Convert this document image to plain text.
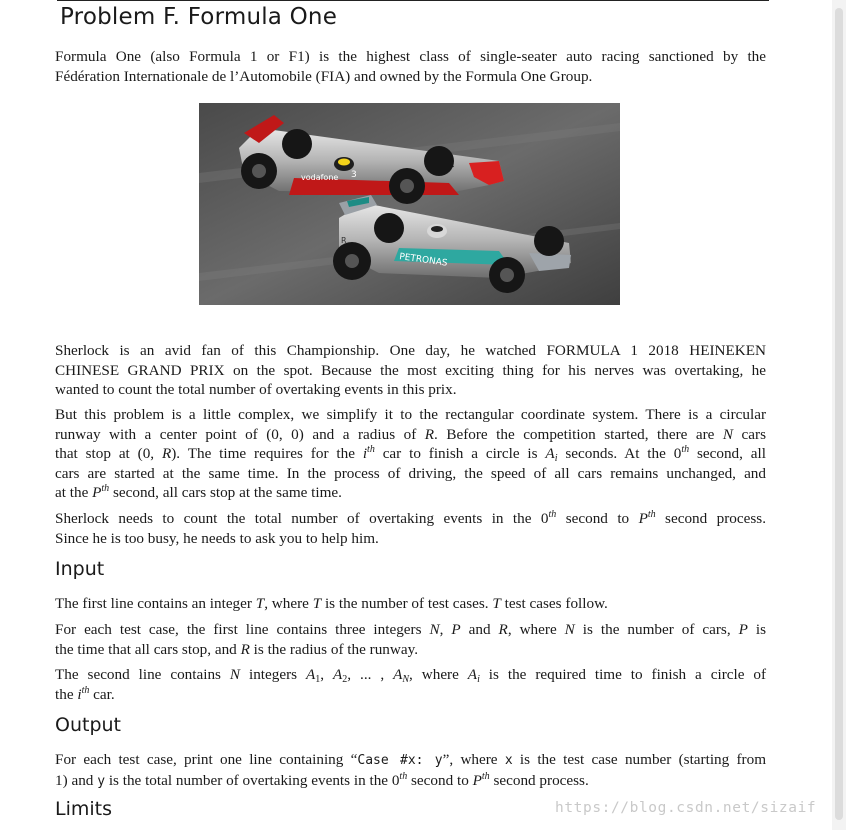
Problem F. Formula One

Formula One (also Formula 1 or F1) is the highest class of single-seater auto racing sanctioned by the
Fédération Internationale de l’Automobile (FIA) and owned by the Formula One Group.

vodafone 3
PETRONAS
R

Sherlock is an avid fan of this Championship. One day, he watched FORMULA 1 2018 HEINEKEN
CHINESE GRAND PRIX on the spot. Because the most exciting thing for his nerves was overtaking, he
wanted to count the total number of overtaking events in this prix.

But this problem is a little complex, we simplify it to the rectangular coordinate system. There is a circular
runway with a center point of (0, 0) and a radius of R. Before the competition started, there are N cars
that stop at (0, R). The time requires for the $i^{th}$ car to finish a circle is $A_i$ seconds. At the 0th second, all
cars are started at the same time. In the process of driving, the speed of all cars remains unchanged, and
at the $P^{th}$ second, all cars stop at the same time.

Sherlock needs to count the total number of overtaking events in the 0th second to $P^{th}$ second process.
Since he is too busy, he needs to ask you to help him.

Input

The first line contains an integer T, where T is the number of test cases. T test cases follow.

For each test case, the first line contains three integers N, P and R, where N is the number of cars, P is
the time that all cars stop, and R is the radius of the runway.

The second line contains N integers $A_1$, $A_2$, ... , $A_N$, where $A_i$ is the required time to finish a circle of
the $i^{th}$ car.

Output

For each test case, print one line containing “Case #x: y”, where x is the test case number (starting from
1) and y is the total number of overtaking events in the 0th second to $P^{th}$ second process.

Limits	https://blog.csdn.net/sizaif
